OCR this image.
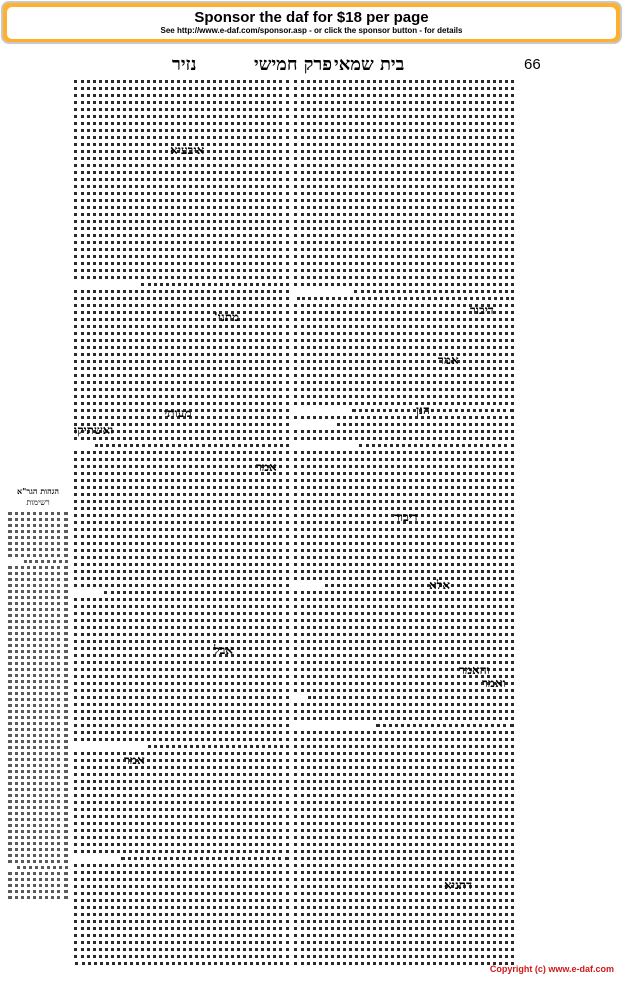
Sponsor the daf for $18 per page
See http://www.e-daf.com/sponsor.asp - or click the sponsor button - for details
נזיר	פרק חמישי בית שמאי	66
הגהות הגר"א
רשימות
איבעיא
מתני'
מעותי
ואשתיקו
אמר
אבל
אמר
דיבור
אמר
הנן
דיבור
אלא
והאמר
ואמר
דתניא
Copyright (c) www.e-daf.com
